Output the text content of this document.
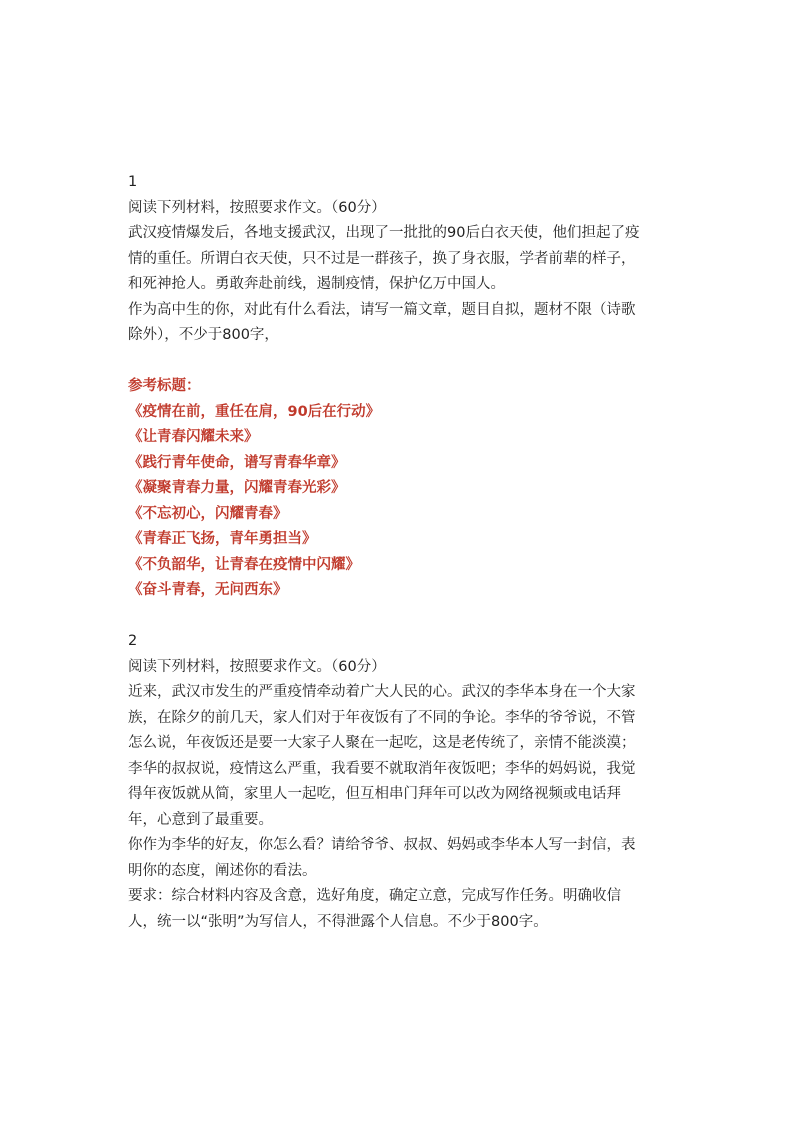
1

阅读下列材料，按照要求作文。（60分）

武汉疫情爆发后，各地支援武汉，出现了一批批的90后白衣天使，他们担起了疫

情的重任。所谓白衣天使，只不过是一群孩子，换了身衣服，学者前辈的样子，

和死神抢人。勇敢奔赴前线，遏制疫情，保护亿万中国人。

作为高中生的你，对此有什么看法，请写一篇文章，题目自拟，题材不限（诗歌

除外），不少于800字，

参考标题：

《疫情在前，重任在肩，90后在行动》

《让青春闪耀未来》

《践行青年使命，谱写青春华章》

《凝聚青春力量，闪耀青春光彩》

《不忘初心，闪耀青春》

《青春正飞扬，青年勇担当》

《不负韶华，让青春在疫情中闪耀》

《奋斗青春，无问西东》

2

阅读下列材料，按照要求作文。（60分）

近来，武汉市发生的严重疫情牵动着广大人民的心。武汉的李华本身在一个大家

族，在除夕的前几天，家人们对于年夜饭有了不同的争论。李华的爷爷说，不管

怎么说，年夜饭还是要一大家子人聚在一起吃，这是老传统了，亲情不能淡漠；

李华的叔叔说，疫情这么严重，我看要不就取消年夜饭吧；李华的妈妈说，我觉

得年夜饭就从简，家里人一起吃，但互相串门拜年可以改为网络视频或电话拜

年，心意到了最重要。

你作为李华的好友，你怎么看？请给爷爷、叔叔、妈妈或李华本人写一封信，表

明你的态度，阐述你的看法。

要求：综合材料内容及含意，选好角度，确定立意，完成写作任务。明确收信

人，统一以“张明”为写信人，不得泄露个人信息。不少于800字。
